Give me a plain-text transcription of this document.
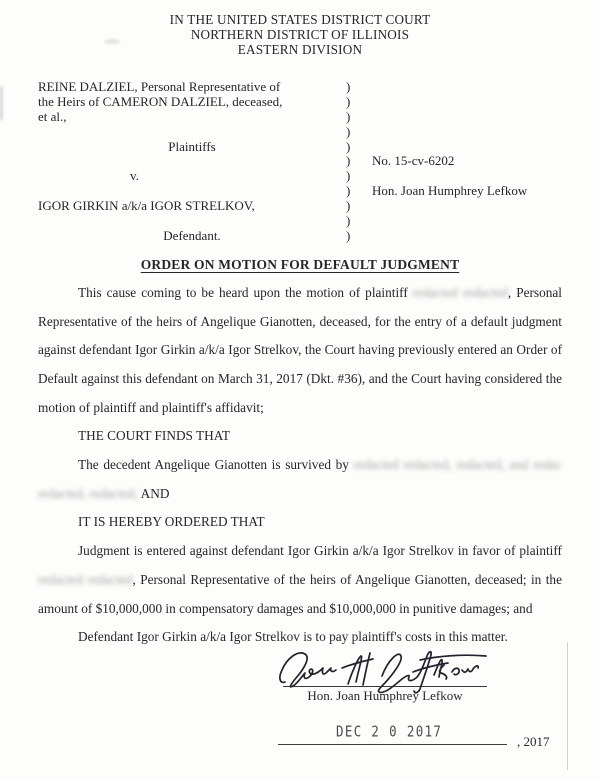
IN THE UNITED STATES DISTRICT COURT
NORTHERN DISTRICT OF ILLINOIS
EASTERN DIVISION
REINE DALZIEL, Personal Representative of	)
the Heirs of CAMERON DALZIEL, deceased,	)
et al.,	)
)
Plaintiffs	)
)	No. 15-cv-6202
v.	)
)	Hon. Joan Humphrey Lefkow
IGOR GIRKIN a/k/a IGOR STRELKOV,	)
)
Defendant.	)
ORDER ON MOTION FOR DEFAULT JUDGMENT

This cause coming to be heard upon the motion of plaintiff redacted redacted, Personal Representative of the heirs of Angelique Gianotten, deceased, for the entry of a default judgment against defendant Igor Girkin a/k/a Igor Strelkov, the Court having previously entered an Order of Default against this defendant on March 31, 2017 (Dkt. #36), and the Court having considered the motion of plaintiff and plaintiff's affidavit;

THE COURT FINDS THAT

The decedent Angelique Gianotten is survived by redacted redacted, redacted, and redac redacted, redacted, AND

IT IS HEREBY ORDERED THAT

Judgment is entered against defendant Igor Girkin a/k/a Igor Strelkov in favor of plaintiff redacted redacted, Personal Representative of the heirs of Angelique Gianotten, deceased; in the amount of $10,000,000 in compensatory damages and $10,000,000 in punitive damages; and

Defendant Igor Girkin a/k/a Igor Strelkov is to pay plaintiff's costs in this matter.

Hon. Joan Humphrey Lefkow
DEC 2 0 2017
, 2017
